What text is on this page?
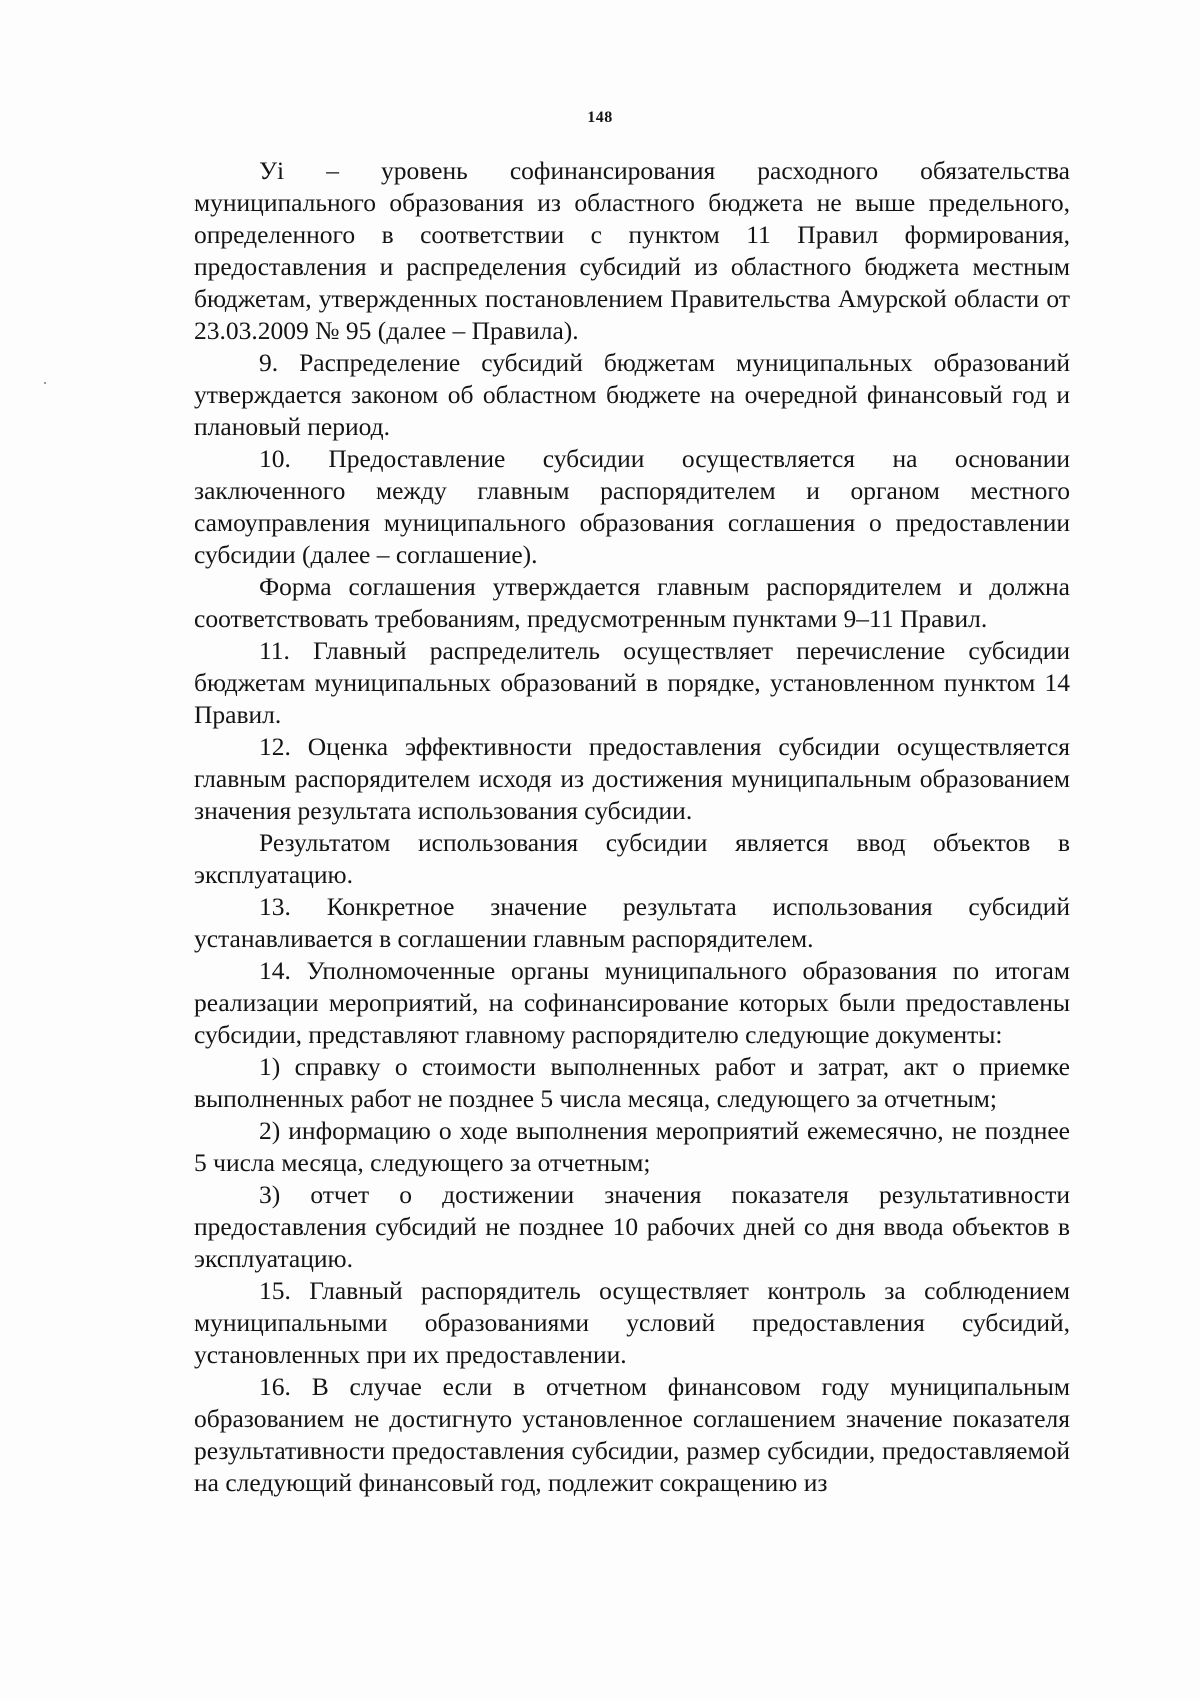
148

Уi – уровень софинансирования расходного обязательства муниципального образования из областного бюджета не выше предельного, определенного в соответствии с пунктом 11 Правил формирования, предоставления и распределения субсидий из областного бюджета местным бюджетам, утвержденных постановлением Правительства Амурской области от 23.03.2009 № 95 (далее – Правила).

9. Распределение субсидий бюджетам муниципальных образований утверждается законом об областном бюджете на очередной финансовый год и плановый период.

10. Предоставление субсидии осуществляется на основании заключенного между главным распорядителем и органом местного самоуправления муниципального образования соглашения о предоставлении субсидии (далее – соглашение).

Форма соглашения утверждается главным распорядителем и должна соответствовать требованиям, предусмотренным пунктами 9–11 Правил.

11. Главный распределитель осуществляет перечисление субсидии бюджетам муниципальных образований в порядке, установленном пунктом 14 Правил.

12. Оценка эффективности предоставления субсидии осуществляется главным распорядителем исходя из достижения муниципальным образованием значения результата использования субсидии.

Результатом использования субсидии является ввод объектов в эксплуатацию.

13. Конкретное значение результата использования субсидий устанавливается в соглашении главным распорядителем.

14. Уполномоченные органы муниципального образования по итогам реализации мероприятий, на софинансирование которых были предоставлены субсидии, представляют главному распорядителю следующие документы:

1) справку о стоимости выполненных работ и затрат, акт о приемке выполненных работ не позднее 5 числа месяца, следующего за отчетным;

2) информацию о ходе выполнения мероприятий ежемесячно, не позднее 5 числа месяца, следующего за отчетным;

3) отчет о достижении значения показателя результативности предоставления субсидий не позднее 10 рабочих дней со дня ввода объектов в эксплуатацию.

15. Главный распорядитель осуществляет контроль за соблюдением муниципальными образованиями условий предоставления субсидий, установленных при их предоставлении.

16. В случае если в отчетном финансовом году муниципальным образованием не достигнуто установленное соглашением значение показателя результативности предоставления субсидии, размер субсидии, предоставляемой на следующий финансовый год, подлежит сокращению из
